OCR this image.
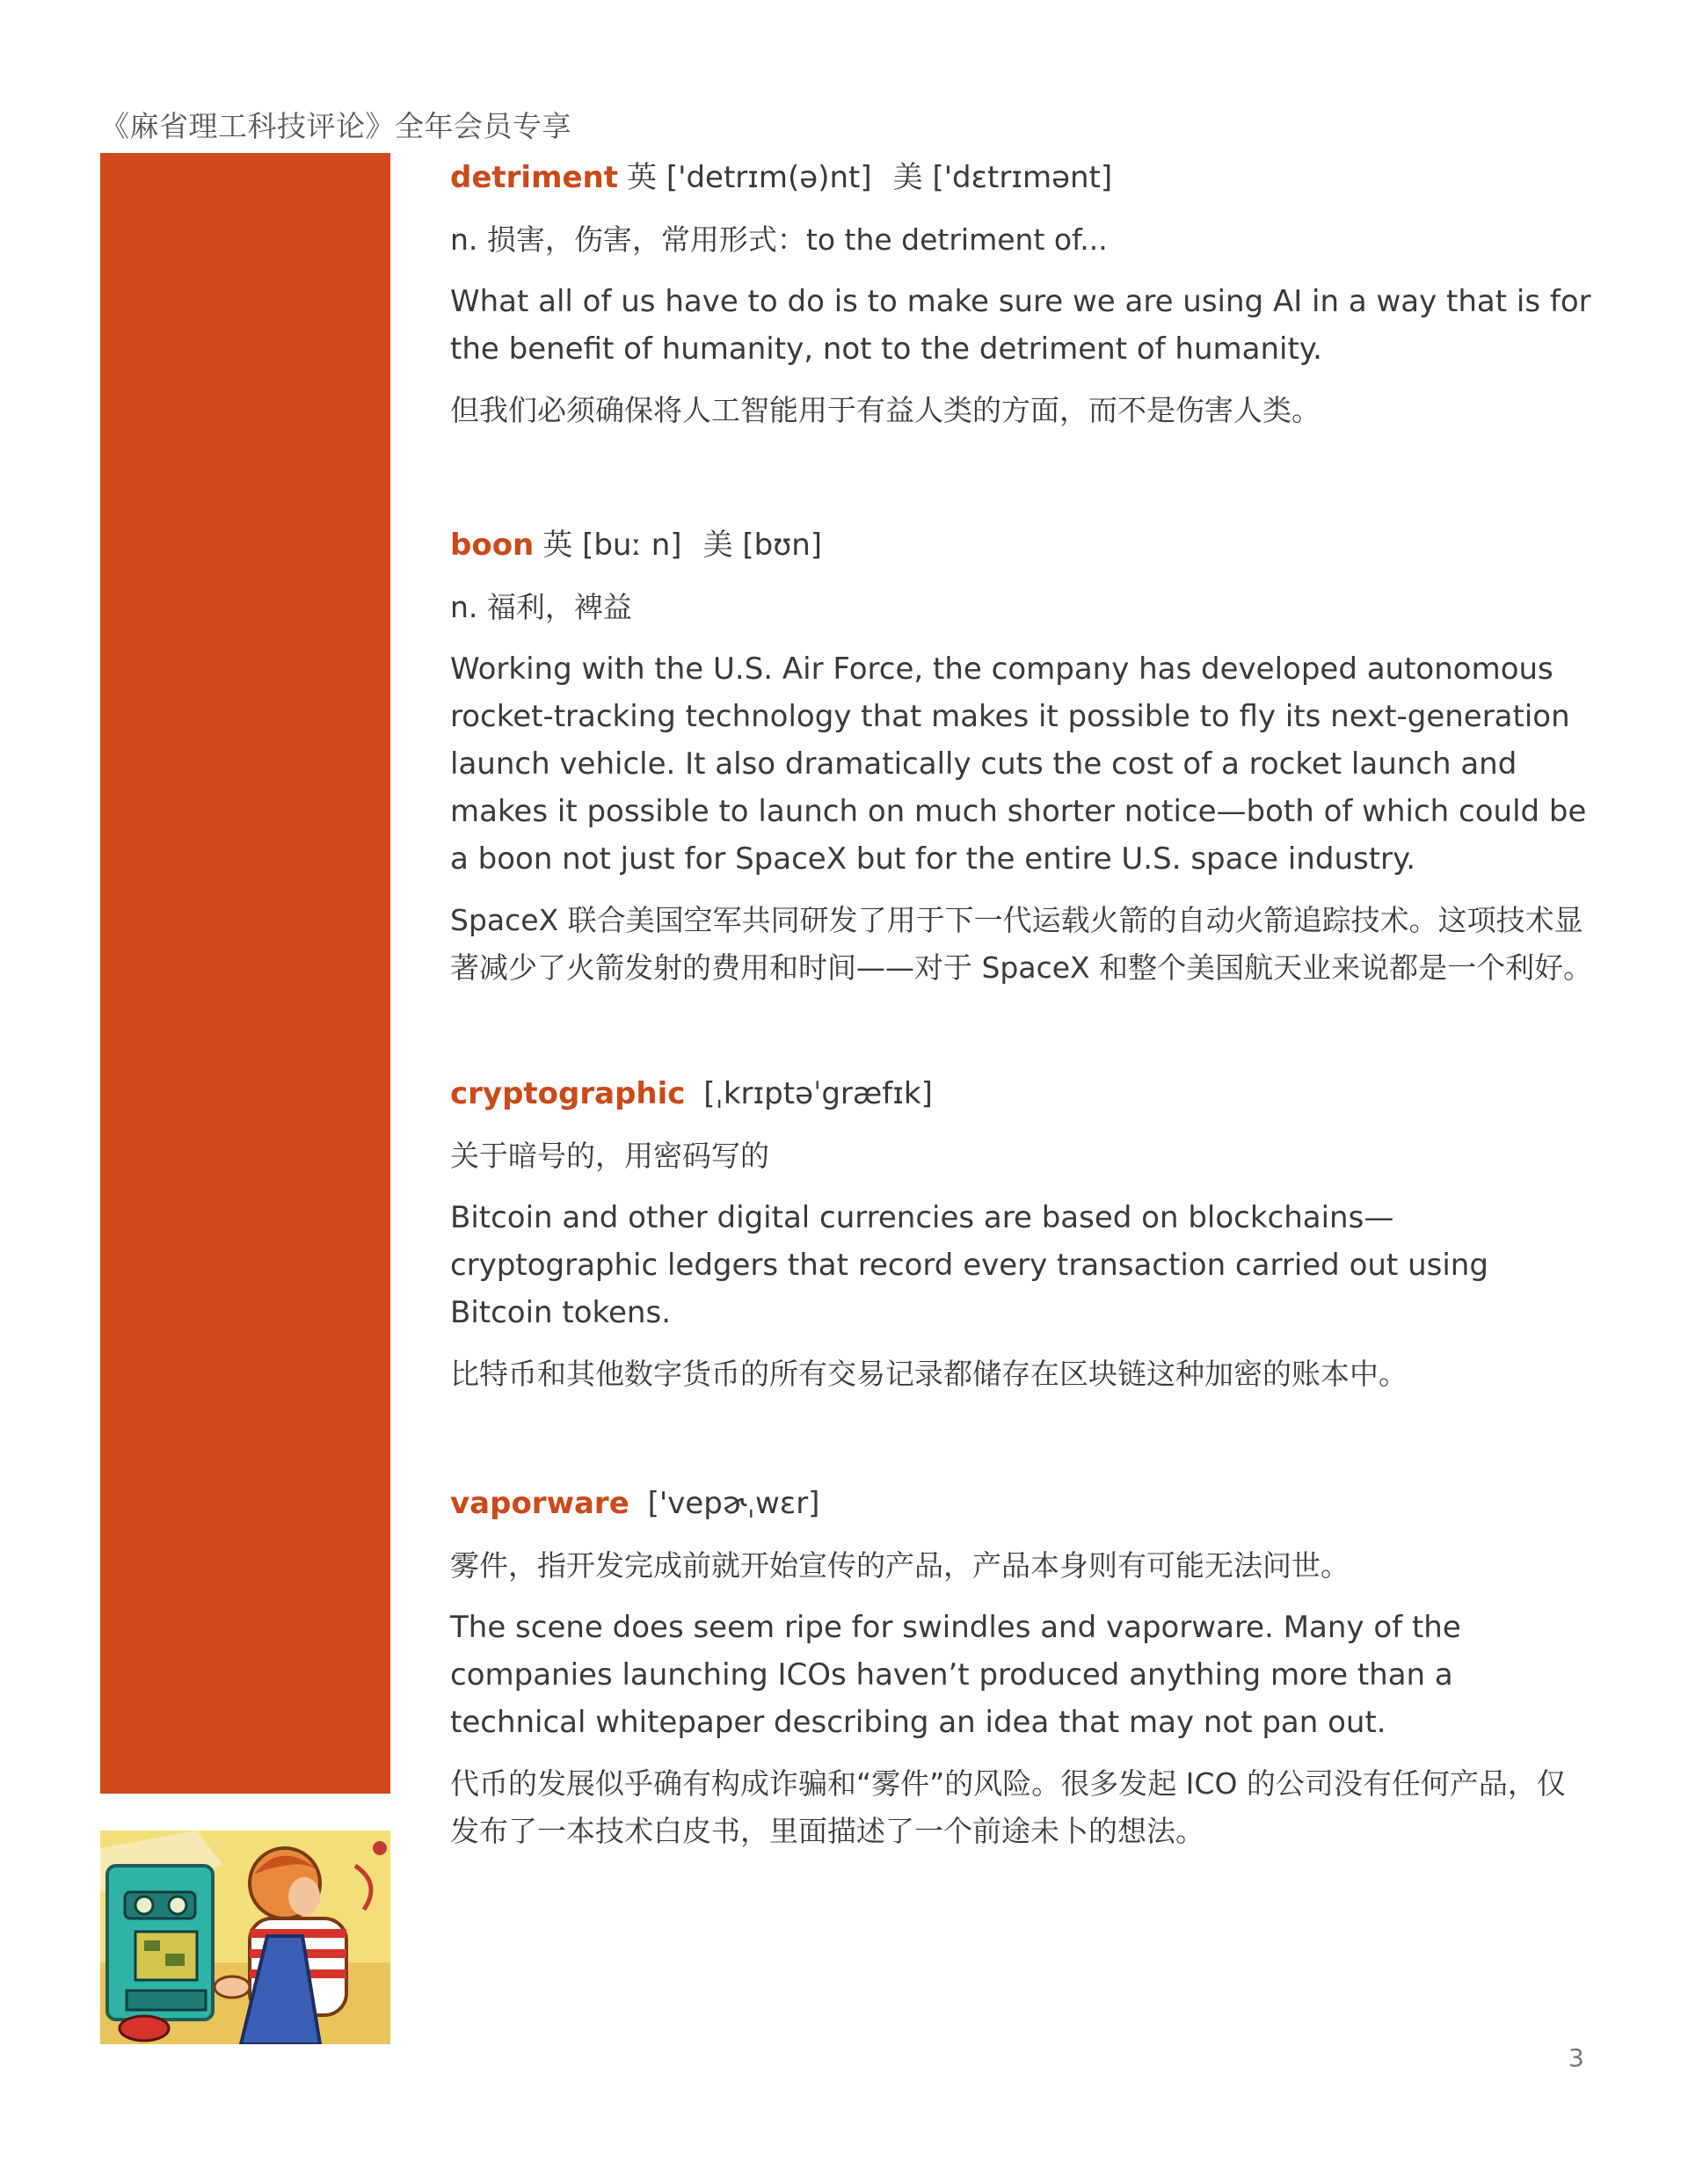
《麻省理工科技评论》全年会员专享
detriment 英 ['detrɪm(ə)nt] 美 ['dɛtrɪmənt]
n. 损害，伤害，常用形式：to the detriment of...

What all of us have to do is to make sure we are using AI in a way that is for the benefit of humanity, not to the detriment of humanity.

但我们必须确保将人工智能用于有益人类的方面，而不是伤害人类。

boon 英 [buː n] 美 [bʊn]
n. 福利，裨益

Working with the U.S. Air Force, the company has developed autonomous rocket-tracking technology that makes it possible to fly its next-generation launch vehicle. It also dramatically cuts the cost of a rocket launch and makes it possible to launch on much shorter notice—both of which could be a boon not just for SpaceX but for the entire U.S. space industry.

SpaceX 联合美国空军共同研发了用于下一代运载火箭的自动火箭追踪技术。这项技术显著减少了火箭发射的费用和时间——对于 SpaceX 和整个美国航天业来说都是一个利好。

cryptographic [ˌkrɪptəˈgræfɪk]
关于暗号的，用密码写的

Bitcoin and other digital currencies are based on blockchains—cryptographic ledgers that record every transaction carried out using Bitcoin tokens.

比特币和其他数字货币的所有交易记录都储存在区块链这种加密的账本中。

vaporware ['vepɚˌwɛr]
雾件，指开发完成前就开始宣传的产品，产品本身则有可能无法问世。

The scene does seem ripe for swindles and vaporware. Many of the companies launching ICOs haven’t produced anything more than a technical whitepaper describing an idea that may not pan out.

代币的发展似乎确有构成诈骗和“雾件”的风险。很多发起 ICO 的公司没有任何产品，仅发布了一本技术白皮书，里面描述了一个前途未卜的想法。

3
